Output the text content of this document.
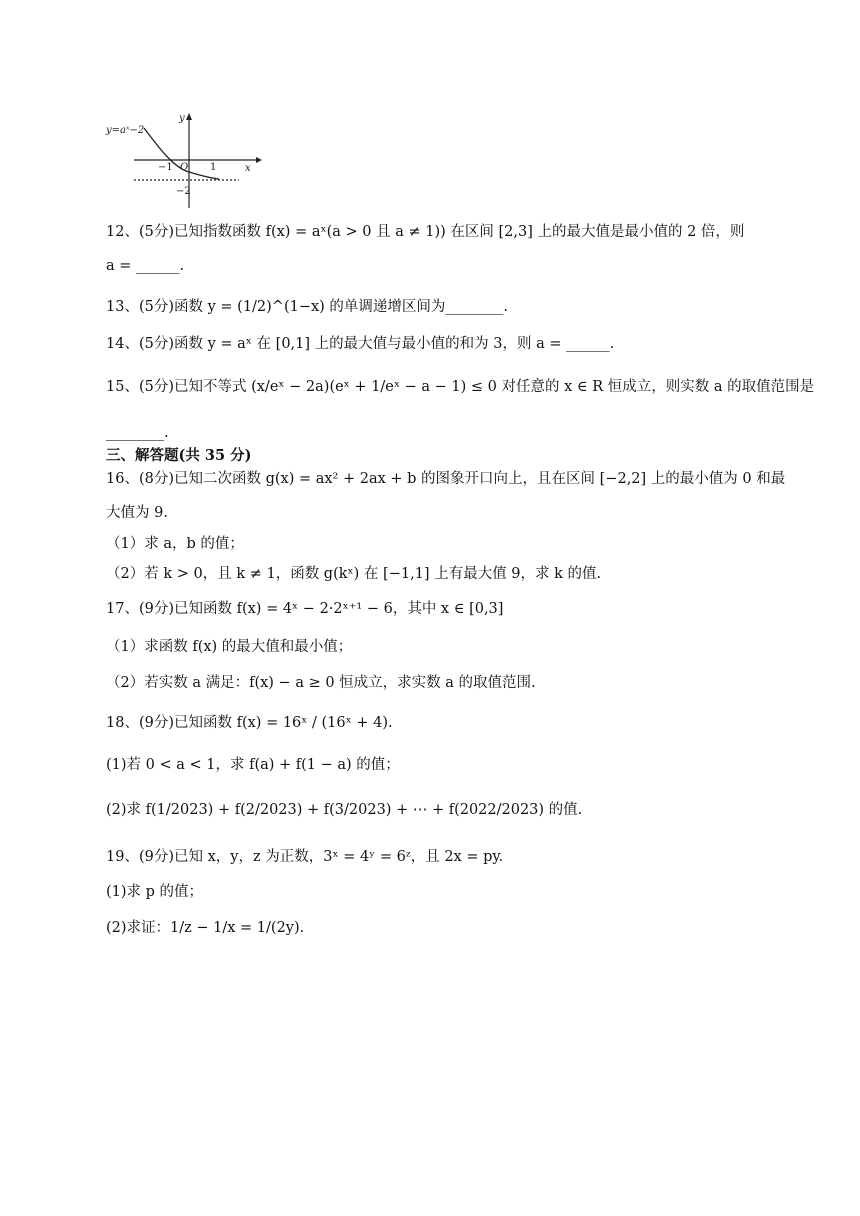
y=aˣ−2
y
x
−1 O 1
−2
12、(5分)已知指数函数 f(x) = aˣ(a > 0 且 a ≠ 1)) 在区间 [2,3] 上的最大值是最小值的 2 倍，则
a = ______.
13、(5分)函数 y = (1/2)^(1−x) 的单调递增区间为________.
14、(5分)函数 y = aˣ 在 [0,1] 上的最大值与最小值的和为 3，则 a = ______.
15、(5分)已知不等式 (x/eˣ − 2a)(eˣ + 1/eˣ − a − 1) ≤ 0 对任意的 x ∈ R 恒成立，则实数 a 的取值范围是
________.
三、解答题(共 35 分)
16、(8分)已知二次函数 g(x) = ax² + 2ax + b 的图象开口向上，且在区间 [−2,2] 上的最小值为 0 和最
大值为 9.
（1）求 a，b 的值；
（2）若 k > 0，且 k ≠ 1，函数 g(kˣ) 在 [−1,1] 上有最大值 9，求 k 的值.
17、(9分)已知函数 f(x) = 4ˣ − 2·2ˣ⁺¹ − 6，其中 x ∈ [0,3]
（1）求函数 f(x) 的最大值和最小值；
（2）若实数 a 满足：f(x) − a ≥ 0 恒成立，求实数 a 的取值范围.
18、(9分)已知函数 f(x) = 16ˣ / (16ˣ + 4).
(1)若 0 < a < 1，求 f(a) + f(1 − a) 的值；
(2)求 f(1/2023) + f(2/2023) + f(3/2023) + ⋯ + f(2022/2023) 的值.
19、(9分)已知 x，y，z 为正数，3ˣ = 4ʸ = 6ᶻ，且 2x = py.
(1)求 p 的值；
(2)求证：1/z − 1/x = 1/(2y).
